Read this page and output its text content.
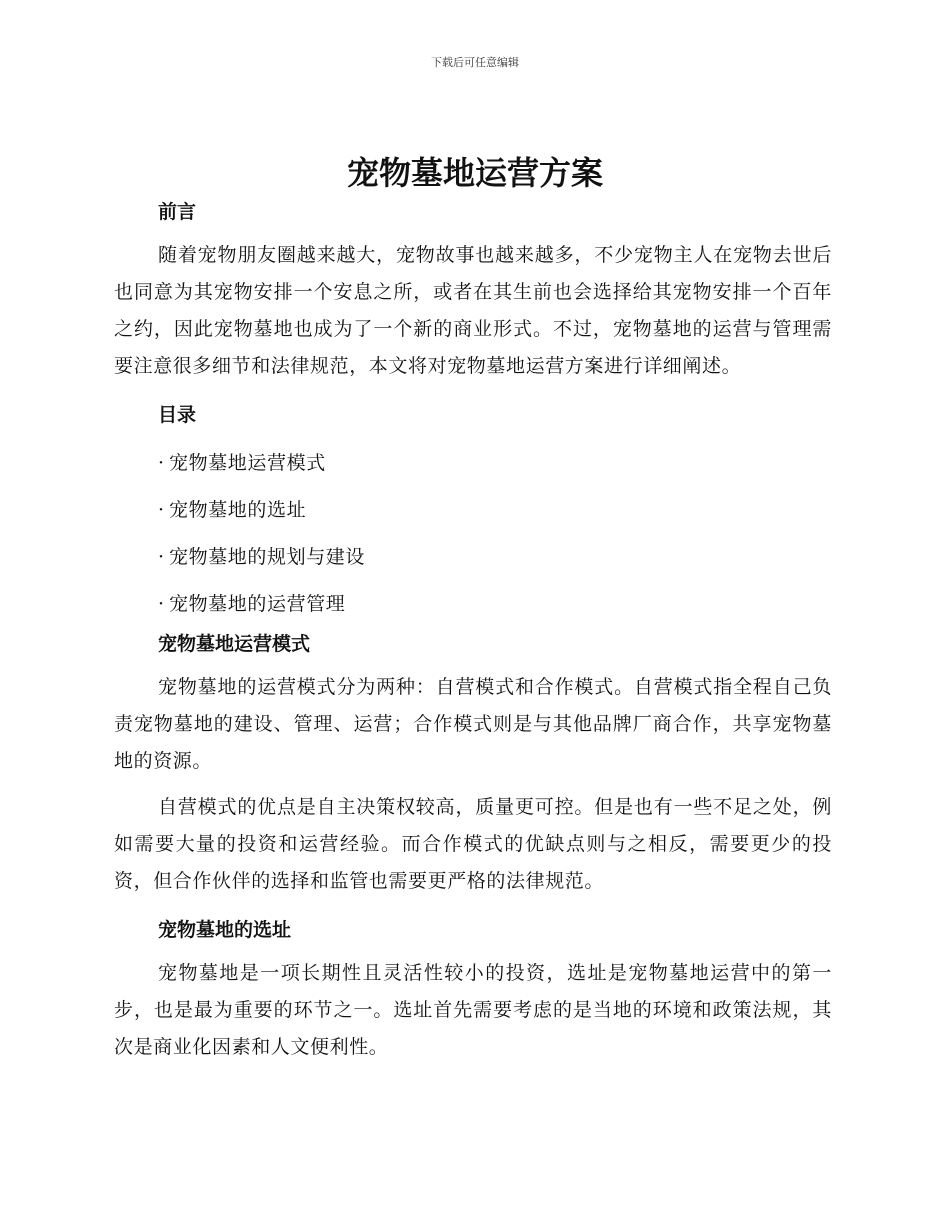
下载后可任意编辑
宠物墓地运营方案
前言

随着宠物朋友圈越来越大，宠物故事也越来越多，不少宠物主人在宠物去世后也同意为其宠物安排一个安息之所，或者在其生前也会选择给其宠物安排一个百年之约，因此宠物墓地也成为了一个新的商业形式。不过，宠物墓地的运营与管理需要注意很多细节和法律规范，本文将对宠物墓地运营方案进行详细阐述。

目录
· 宠物墓地运营模式
· 宠物墓地的选址
· 宠物墓地的规划与建设
· 宠物墓地的运营管理
宠物墓地运营模式

宠物墓地的运营模式分为两种：自营模式和合作模式。自营模式指全程自己负责宠物墓地的建设、管理、运营；合作模式则是与其他品牌厂商合作，共享宠物墓地的资源。

自营模式的优点是自主决策权较高，质量更可控。但是也有一些不足之处，例如需要大量的投资和运营经验。而合作模式的优缺点则与之相反，需要更少的投资，但合作伙伴的选择和监管也需要更严格的法律规范。

宠物墓地的选址

宠物墓地是一项长期性且灵活性较小的投资，选址是宠物墓地运营中的第一步，也是最为重要的环节之一。选址首先需要考虑的是当地的环境和政策法规，其次是商业化因素和人文便利性。
